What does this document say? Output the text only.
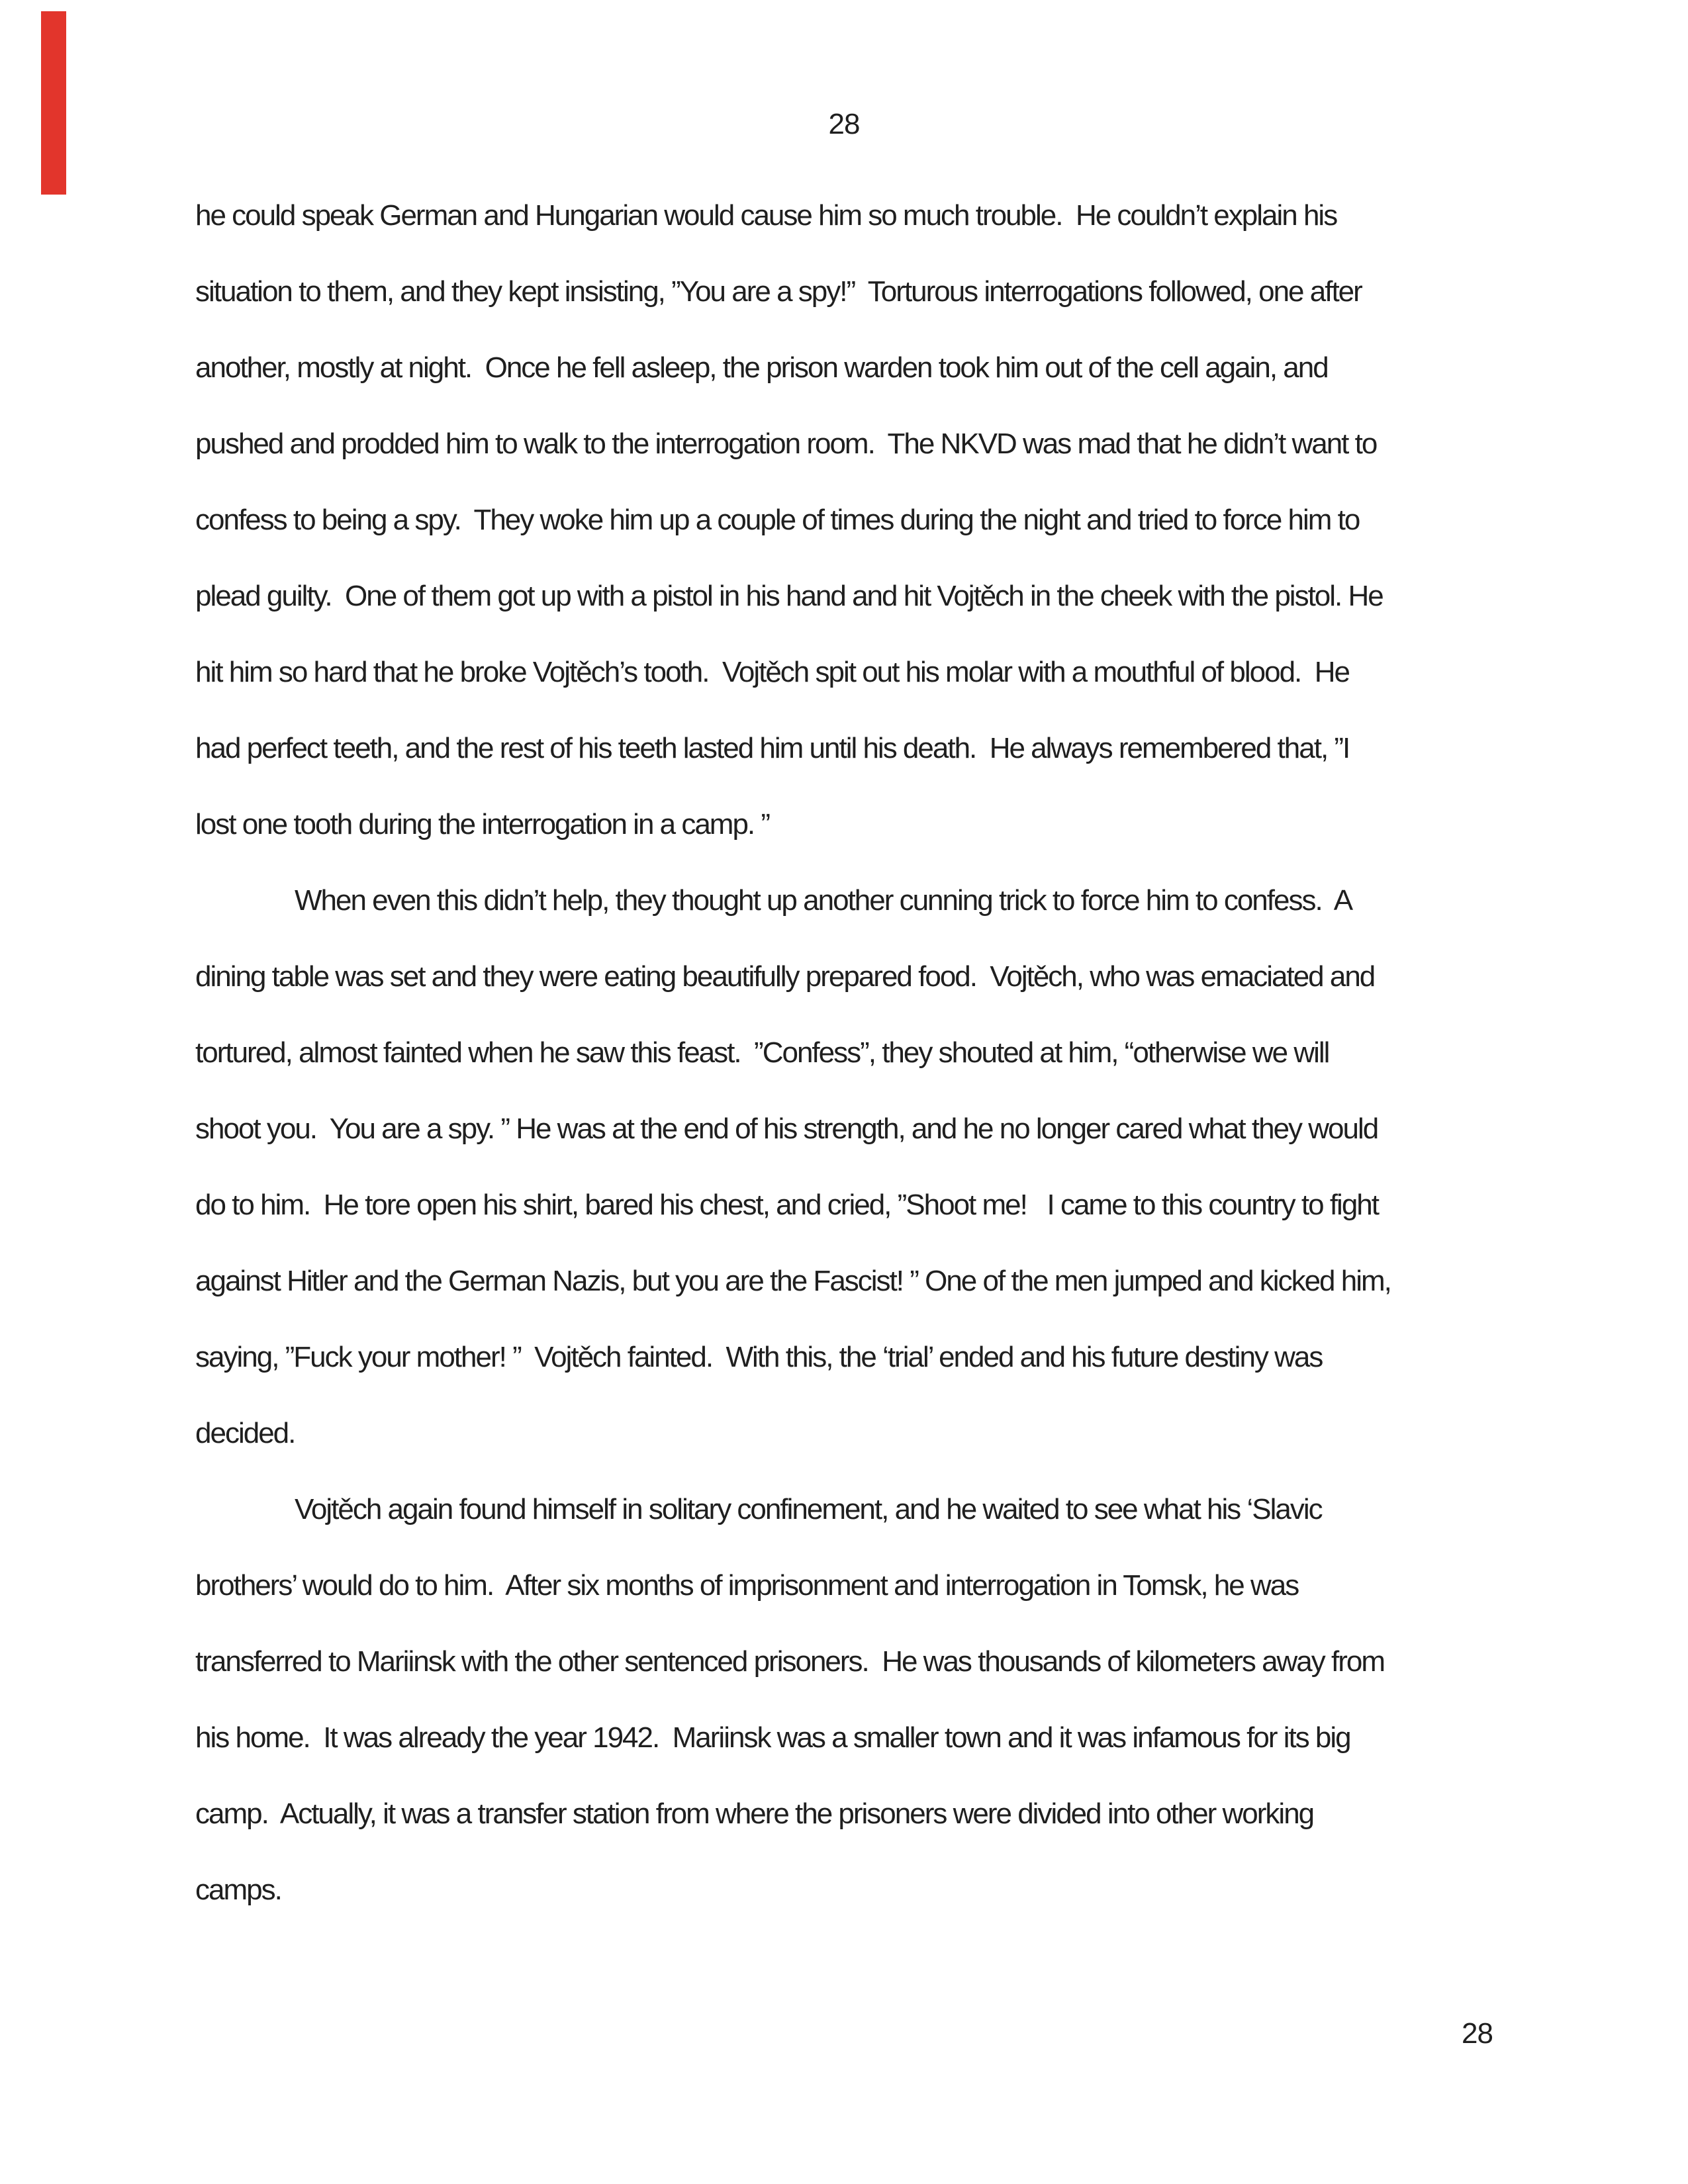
28
he could speak German and Hungarian would cause him so much trouble.  He couldn’t explain his
situation to them, and they kept insisting, ”You are a spy!”  Torturous interrogations followed, one after
another, mostly at night.  Once he fell asleep, the prison warden took him out of the cell again, and
pushed and prodded him to walk to the interrogation room.  The NKVD was mad that he didn’t want to
confess to being a spy.  They woke him up a couple of times during the night and tried to force him to
plead guilty.  One of them got up with a pistol in his hand and hit Vojtěch in the cheek with the pistol. He
hit him so hard that he broke Vojtěch’s tooth.  Vojtěch spit out his molar with a mouthful of blood.  He
had perfect teeth, and the rest of his teeth lasted him until his death.  He always remembered that, ”I
lost one tooth during the interrogation in a camp. ”
When even this didn’t help, they thought up another cunning trick to force him to confess.  A
dining table was set and they were eating beautifully prepared food.  Vojtěch, who was emaciated and
tortured, almost fainted when he saw this feast.  ”Confess”, they shouted at him, “otherwise we will
shoot you.  You are a spy. ” He was at the end of his strength, and he no longer cared what they would
do to him.  He tore open his shirt, bared his chest, and cried, ”Shoot me!   I came to this country to fight
against Hitler and the German Nazis, but you are the Fascist! ” One of the men jumped and kicked him,
saying, ”Fuck your mother! ”  Vojtěch fainted.  With this, the ‘trial’ ended and his future destiny was
decided.
Vojtěch again found himself in solitary confinement, and he waited to see what his ‘Slavic
brothers’ would do to him.  After six months of imprisonment and interrogation in Tomsk, he was
transferred to Mariinsk with the other sentenced prisoners.  He was thousands of kilometers away from
his home.  It was already the year 1942.  Mariinsk was a smaller town and it was infamous for its big
camp.  Actually, it was a transfer station from where the prisoners were divided into other working
camps.
28
